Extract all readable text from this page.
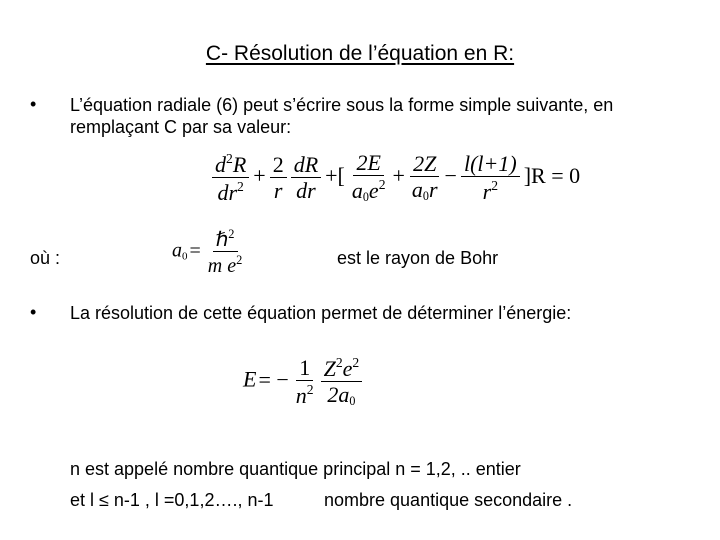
C- Résolution de l’équation en R:
• L’équation radiale (6) peut s’écrire sous la forme simple suivante, en
remplaçant C par sa valeur:
$\frac{d^2R}{dr^2} + \frac{2}{r} \frac{dR}{dr}$ +[ $\frac{2E}{a0e^2} + \frac{2Z}{a0r} - \frac{l(l+1)}{r^2} ]R = 0$
où :	$a0 = \frac{\hbar^2}{m e^2}$	est le rayon de Bohr
• La résolution de cette équation permet de déterminer l’énergie:
$E= - \frac{1}{n^2} \frac{Z^2e^2}{2a0}$
n est appelé nombre quantique principal n = 1,2, .. entier
et l ≤ n-1 , l =0,1,2…., n-1	nombre quantique secondaire .
